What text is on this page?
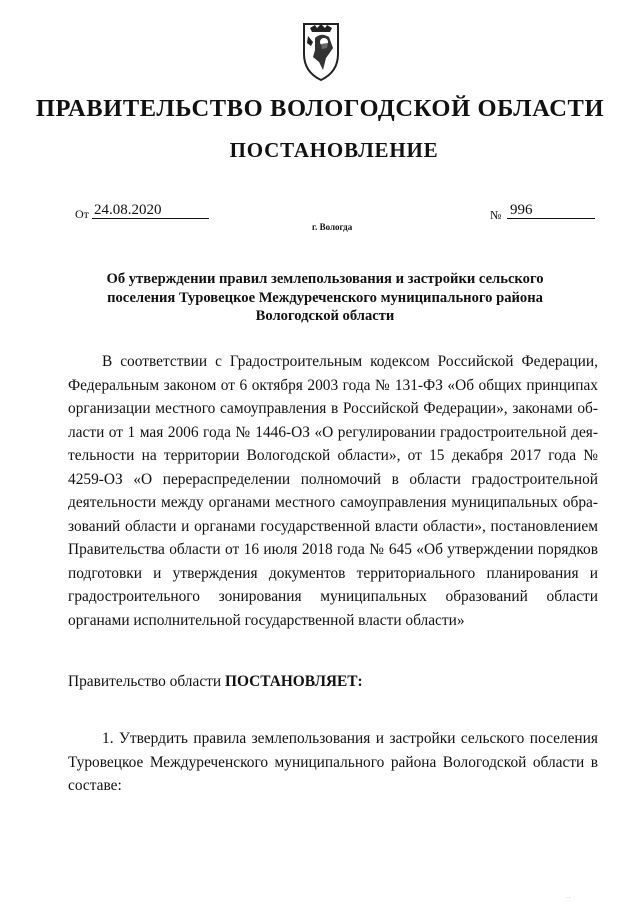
ПРАВИТЕЛЬСТВО ВОЛОГОДСКОЙ ОБЛАСТИ
ПОСТАНОВЛЕНИЕ
От 24.08.2020	№ 996
г. Вологда
Об утверждении правил землепользования и застройки сельского поселения Туровецкое Междуреченского муниципального района Вологодской области

В соответствии с Градостроительным кодексом Российской Федерации, Федеральным законом от 6 октября 2003 года № 131-ФЗ «Об общих принципах организации местного самоуправления в Российской Федерации», законами области от 1 мая 2006 года № 1446-ОЗ «О регулировании градостроительной деятельности на территории Вологодской области», от 15 декабря 2017 года № 4259-ОЗ «О перераспределении полномочий в области градостроительной деятельности между органами местного самоуправления муниципальных образований области и органами государственной власти области», постановлением Правительства области от 16 июля 2018 года № 645 «Об утверждении порядков подготовки и утверждения документов территориального планирования и градостроительного зонирования муниципальных образований области органами исполнительной государственной власти области»

Правительство области ПОСТАНОВЛЯЕТ:

1. Утвердить правила землепользования и застройки сельского поселения Туровецкое Междуреченского муниципального района Вологодской области в составе:

· ·
